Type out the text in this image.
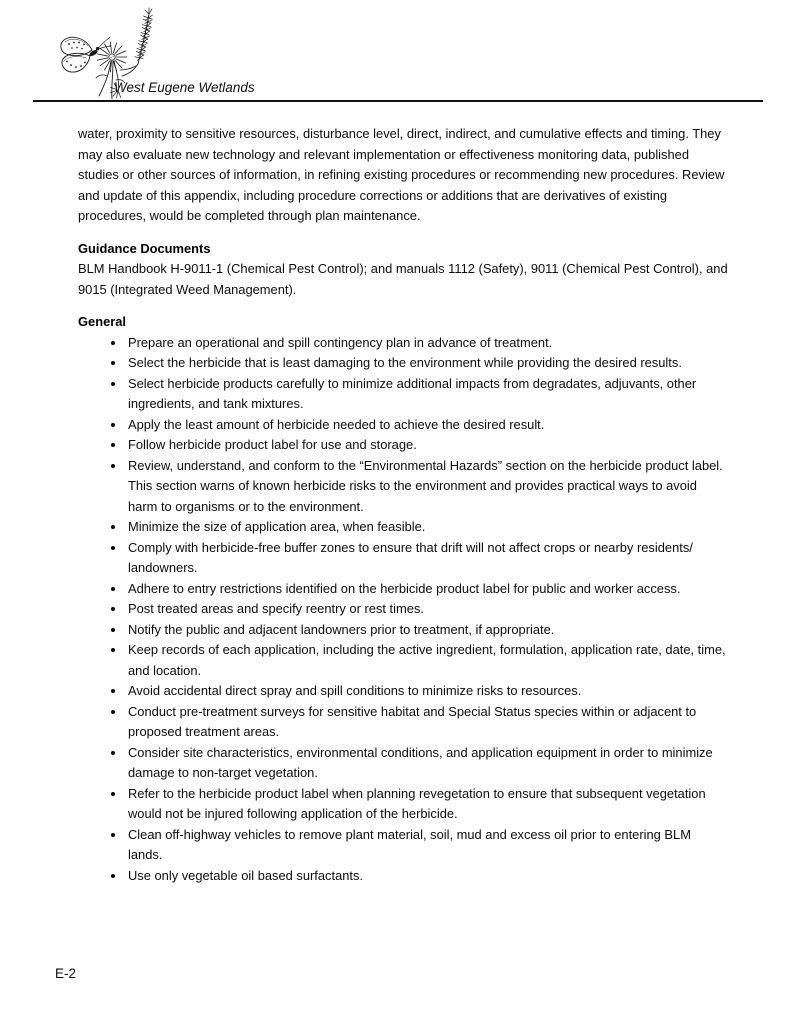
West Eugene Wetlands

water, proximity to sensitive resources, disturbance level, direct, indirect, and cumulative effects and timing. They may also evaluate new technology and relevant implementation or effectiveness monitoring data, published studies or other sources of information, in refining existing procedures or recommending new procedures. Review and update of this appendix, including procedure corrections or additions that are derivatives of existing procedures, would be completed through plan maintenance.

Guidance Documents

BLM Handbook H-9011-1 (Chemical Pest Control); and manuals 1112 (Safety), 9011 (Chemical Pest Control), and 9015 (Integrated Weed Management).

General
• Prepare an operational and spill contingency plan in advance of treatment.
• Select the herbicide that is least damaging to the environment while providing the desired results.
• Select herbicide products carefully to minimize additional impacts from degradates, adjuvants, other ingredients, and tank mixtures.
• Apply the least amount of herbicide needed to achieve the desired result.
• Follow herbicide product label for use and storage.
• Review, understand, and conform to the “Environmental Hazards” section on the herbicide product label. This section warns of known herbicide risks to the environment and provides practical ways to avoid harm to organisms or to the environment.
• Minimize the size of application area, when feasible.
• Comply with herbicide-free buffer zones to ensure that drift will not affect crops or nearby residents/ landowners.
• Adhere to entry restrictions identified on the herbicide product label for public and worker access.
• Post treated areas and specify reentry or rest times.
• Notify the public and adjacent landowners prior to treatment, if appropriate.
• Keep records of each application, including the active ingredient, formulation, application rate, date, time, and location.
• Avoid accidental direct spray and spill conditions to minimize risks to resources.
• Conduct pre-treatment surveys for sensitive habitat and Special Status species within or adjacent to proposed treatment areas.
• Consider site characteristics, environmental conditions, and application equipment in order to minimize damage to non-target vegetation.
• Refer to the herbicide product label when planning revegetation to ensure that subsequent vegetation would not be injured following application of the herbicide.
• Clean off-highway vehicles to remove plant material, soil, mud and excess oil prior to entering BLM lands.
• Use only vegetable oil based surfactants.
E-2
